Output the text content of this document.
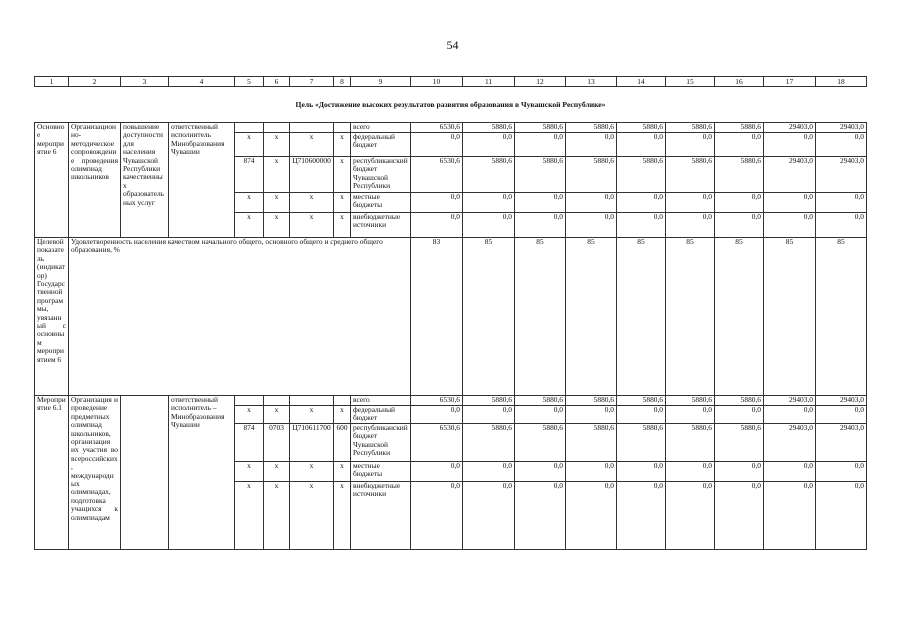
54
1	2	3	4	5	6	7	8	9	10	11	12	13	14	15	16	17	18
Цель «Достижение высоких результатов развития образования в Чувашской Республике»																	
Основное мероприятие 6	Организационно-методическое сопровождение проведения олимпиад школьников	повышение доступности для населения Чувашской Республики качественных образовательных услуг	ответственный исполнитель Минобразования Чувашии					всего	6530,6	5880,6	5880,6	5880,6	5880,6	5880,6	5880,6	29403,0	29403,0
				x	x	x	x	федеральный бюджет	0,0	0,0	0,0	0,0	0,0	0,0	0,0	0,0	0,0
				874	x	Ц710600000	x	республиканский бюджет Чувашской Республики	6530,6	5880,6	5880,6	5880,6	5880,6	5880,6	5880,6	29403,0	29403,0
				x	x	x	x	местные бюджеты	0,0	0,0	0,0	0,0	0,0	0,0	0,0	0,0	0,0
				x	x	x	x	внебюджетные источники	0,0	0,0	0,0	0,0	0,0	0,0	0,0	0,0	0,0
Целевой показатель (индикатор) Государственной программы, увязанный с основным мероприятием 6	Удовлетворенность населения качеством начального общего, основного общего и среднего общего образования, %								83	85	85	85	85	85	85	85	85
Мероприятие 6.1	Организация и проведение предметных олимпиад школьников, организация их участия во всероссийских, международных олимпиадах, подготовка учащихся к олимпиадам		ответственный исполнитель – Минобразования Чувашии					всего	6530,6	5880,6	5880,6	5880,6	5880,6	5880,6	5880,6	29403,0	29403,0
				x	x	x	x	федеральный бюджет	0,0	0,0	0,0	0,0	0,0	0,0	0,0	0,0	0,0
				874	0703	Ц710611700	600	республиканский бюджет Чувашской Республики	6530,6	5880,6	5880,6	5880,6	5880,6	5880,6	5880,6	29403,0	29403,0
				x	x	x	x	местные бюджеты	0,0	0,0	0,0	0,0	0,0	0,0	0,0	0,0	0,0
				x	x	x	x	внебюджетные источники	0,0	0,0	0,0	0,0	0,0	0,0	0,0	0,0	0,0
